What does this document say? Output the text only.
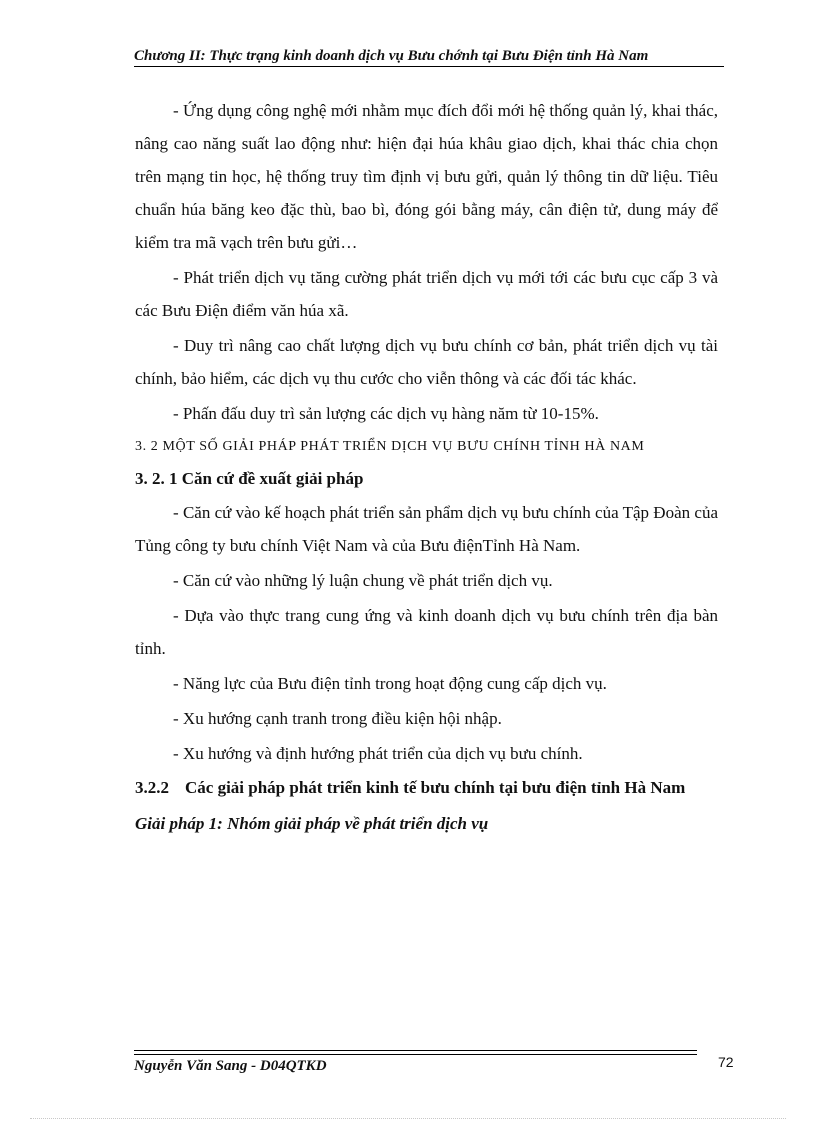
Chương II: Thực trạng kinh doanh dịch vụ Bưu chớnh tại Bưu Điện tỉnh Hà Nam

- Ứng dụng công nghệ mới nhằm mục đích đổi mới hệ thống quản lý, khai thác, nâng cao năng suất lao động như: hiện đại húa khâu giao dịch, khai thác chia chọn trên mạng tin học, hệ thống truy tìm định vị bưu gửi, quản lý thông tin dữ liệu. Tiêu chuẩn húa băng keo đặc thù, bao bì, đóng gói bằng máy, cân điện tử, dung máy để kiểm tra mã vạch trên bưu gửi…

- Phát triển dịch vụ tăng cường phát triển dịch vụ mới tới các bưu cục cấp 3 và các Bưu Điện điểm văn húa xã.

- Duy trì nâng cao chất lượng dịch vụ bưu chính cơ bản, phát triển dịch vụ tài chính, bảo hiểm, các dịch vụ thu cước cho viễn thông và các đối tác khác.

- Phấn đấu duy trì sản lượng các dịch vụ hàng năm từ 10-15%.

3. 2 MỘT SỐ GIẢI PHÁP PHÁT TRIỂN DỊCH VỤ BƯU CHÍNH TỈNH HÀ NAM

3. 2. 1 Căn cứ đề xuất giải pháp

- Căn cứ vào kế hoạch phát triển sản phẩm dịch vụ bưu chính của Tập Đoàn của Tủng công ty bưu chính Việt Nam và của Bưu điệnTỉnh Hà Nam.

- Căn cứ vào những lý luận chung về phát triển dịch vụ.

- Dựa vào thực trang cung ứng và kinh doanh dịch vụ bưu chính trên địa bàn tỉnh.

- Năng lực của Bưu điện tỉnh trong hoạt động cung cấp dịch vụ.

- Xu hướng cạnh tranh trong điều kiện hội nhập.

- Xu hướng và định hướng phát triển của dịch vụ bưu chính.

3.2.2 Các giải pháp phát triển kinh tế bưu chính tại bưu điện tỉnh Hà Nam

Giải pháp 1: Nhóm giải pháp về phát triển dịch vụ

Nguyễn Văn Sang - D04QTKD	72
